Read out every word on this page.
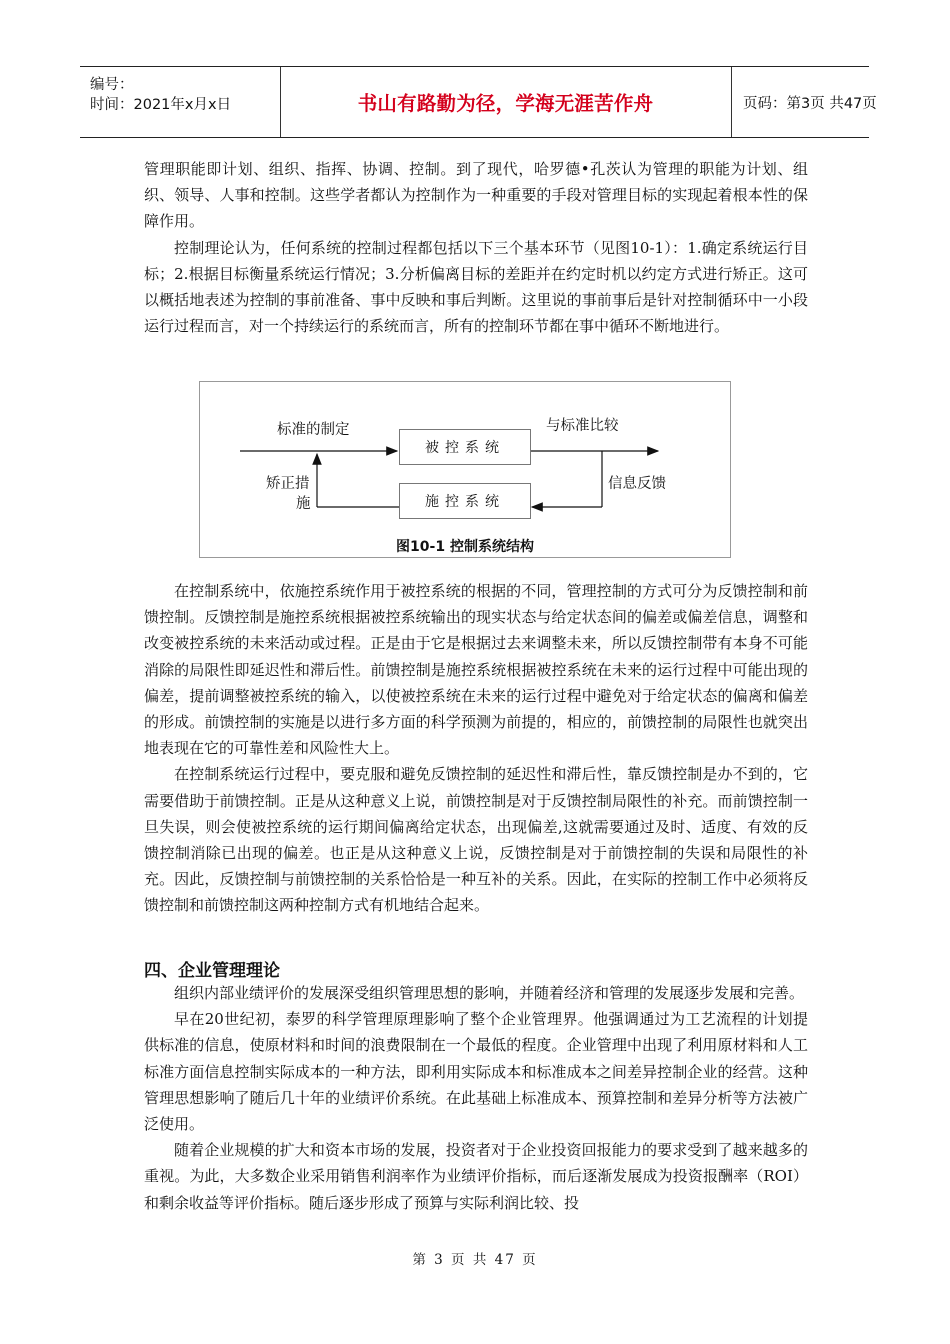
编号：
时间：2021年x月x日	书山有路勤为径，学海无涯苦作舟	页码：第3页 共47页

管理职能即计划、组织、指挥、协调、控制。到了现代，哈罗德•孔茨认为管理的职能为计划、组织、领导、人事和控制。这些学者都认为控制作为一种重要的手段对管理目标的实现起着根本性的保障作用。

控制理论认为，任何系统的控制过程都包括以下三个基本环节（见图10-1）：1.确定系统运行目标；2.根据目标衡量系统运行情况；3.分析偏离目标的差距并在约定时机以约定方式进行矫正。这可以概括地表述为控制的事前准备、事中反映和事后判断。这里说的事前事后是针对控制循环中一小段运行过程而言，对一个持续运行的系统而言，所有的控制环节都在事中循环不断地进行。

标准的制定	与标准比较
矫正措
施
信息反馈
被控系统
施控系统
图10-1 控制系统结构

在控制系统中，依施控系统作用于被控系统的根据的不同，管理控制的方式可分为反馈控制和前馈控制。反馈控制是施控系统根据被控系统输出的现实状态与给定状态间的偏差或偏差信息，调整和改变被控系统的未来活动或过程。正是由于它是根据过去来调整未来，所以反馈控制带有本身不可能消除的局限性即延迟性和滞后性。前馈控制是施控系统根据被控系统在未来的运行过程中可能出现的偏差，提前调整被控系统的输入，以使被控系统在未来的运行过程中避免对于给定状态的偏离和偏差的形成。前馈控制的实施是以进行多方面的科学预测为前提的，相应的，前馈控制的局限性也就突出地表现在它的可靠性差和风险性大上。

在控制系统运行过程中，要克服和避免反馈控制的延迟性和滞后性，靠反馈控制是办不到的，它需要借助于前馈控制。正是从这种意义上说，前馈控制是对于反馈控制局限性的补充。而前馈控制一旦失误，则会使被控系统的运行期间偏离给定状态，出现偏差,这就需要通过及时、适度、有效的反馈控制消除已出现的偏差。也正是从这种意义上说，反馈控制是对于前馈控制的失误和局限性的补充。因此，反馈控制与前馈控制的关系恰恰是一种互补的关系。因此，在实际的控制工作中必须将反馈控制和前馈控制这两种控制方式有机地结合起来。

四、企业管理理论

组织内部业绩评价的发展深受组织管理思想的影响，并随着经济和管理的发展逐步发展和完善。

早在20世纪初，泰罗的科学管理原理影响了整个企业管理界。他强调通过为工艺流程的计划提供标准的信息，使原材料和时间的浪费限制在一个最低的程度。企业管理中出现了利用原材料和人工标准方面信息控制实际成本的一种方法，即利用实际成本和标准成本之间差异控制企业的经营。这种管理思想影响了随后几十年的业绩评价系统。在此基础上标准成本、预算控制和差异分析等方法被广泛使用。

随着企业规模的扩大和资本市场的发展，投资者对于企业投资回报能力的要求受到了越来越多的重视。为此，大多数企业采用销售利润率作为业绩评价指标，而后逐渐发展成为投资报酬率（ROI）和剩余收益等评价指标。随后逐步形成了预算与实际利润比较、投

第 3 页 共 47 页
